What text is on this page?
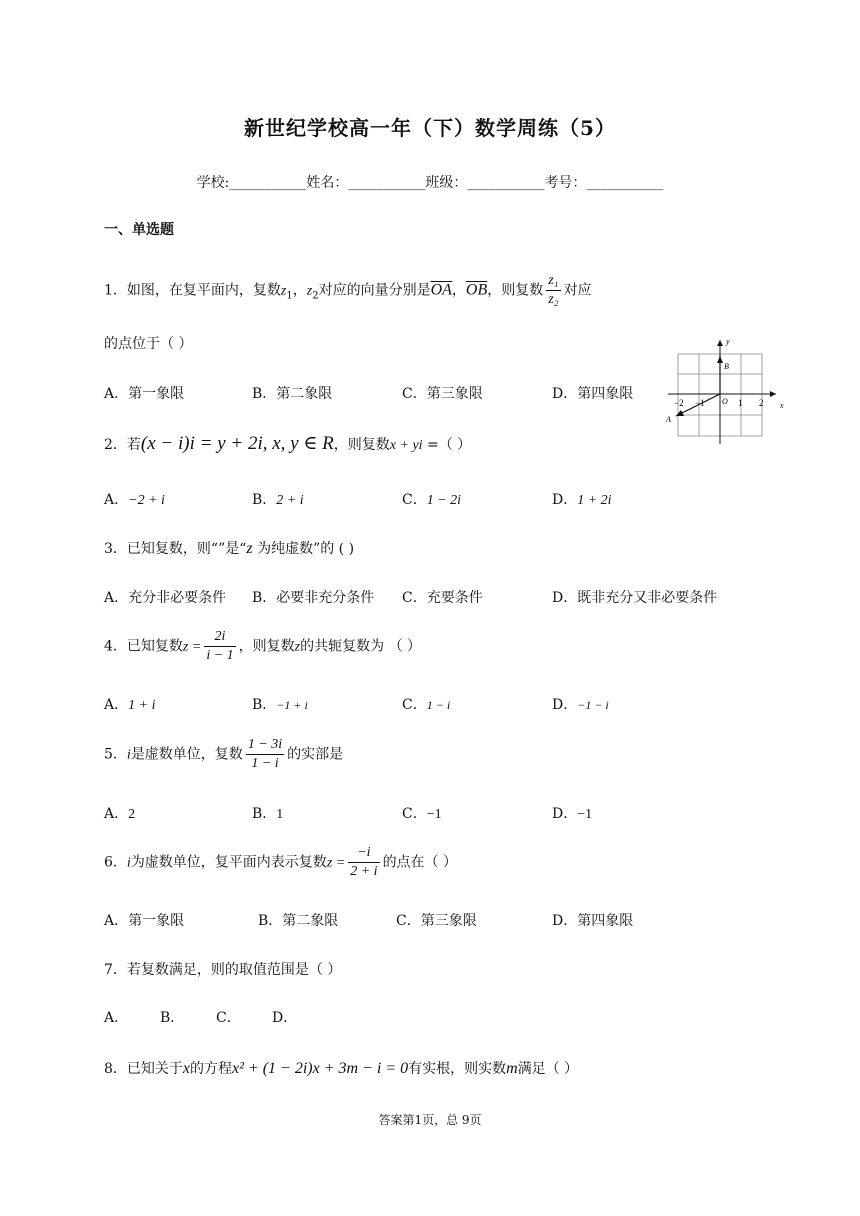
新世纪学校高一年（下）数学周练（5）
学校:___________姓名：___________班级：___________考号：___________
一、单选题
1．如图，在复平面内，复数$z_1$，$z_2$对应的向量分别是$\overline{OA}$，$\overline{OB}$，则复数 $\frac{\text{z₁}}{\text{z₂}}$ 对应
的点位于（ ）
A．第一象限	B．第二象限	C．第三象限	D．第四象限
x
y
O
A
B
−2 −1	1 2
2．若(x − i)i = y + 2i, x, y ∈ R，则复数x + yi =（ ）
A．−2 + i	B．2 + i	C．1 − 2i	D．1 + 2i
3．已知复数，则“”是“z 为纯虚数”的 ( )
A．充分非必要条件 B．必要非充分条件 C．充要条件	D．既非充分又非必要条件
4．已知复数$z = \frac{2i}{i - 1}$ ，则复数z的共轭复数为 （ ）
A．1 + i	B．−1 + i	C．1 − i	D．−1 − i
5．i是虚数单位，复数 $\frac{1 - 3i}{1 - i}$ 的实部是
A．2	B．1	C．−1	D．−1
6．i为虚数单位，复平面内表示复数$z = \frac{-i}{2 + i}$ 的点在（ ）
A．第一象限	B．第二象限	C．第三象限	D．第四象限
7．若复数满足，则的取值范围是（ ）
A． B． C． D．
8．已知关于x的方程x² + (1 − 2i)x + 3m − i = 0有实根，则实数m满足（ ）
答案第1页，总 9页
